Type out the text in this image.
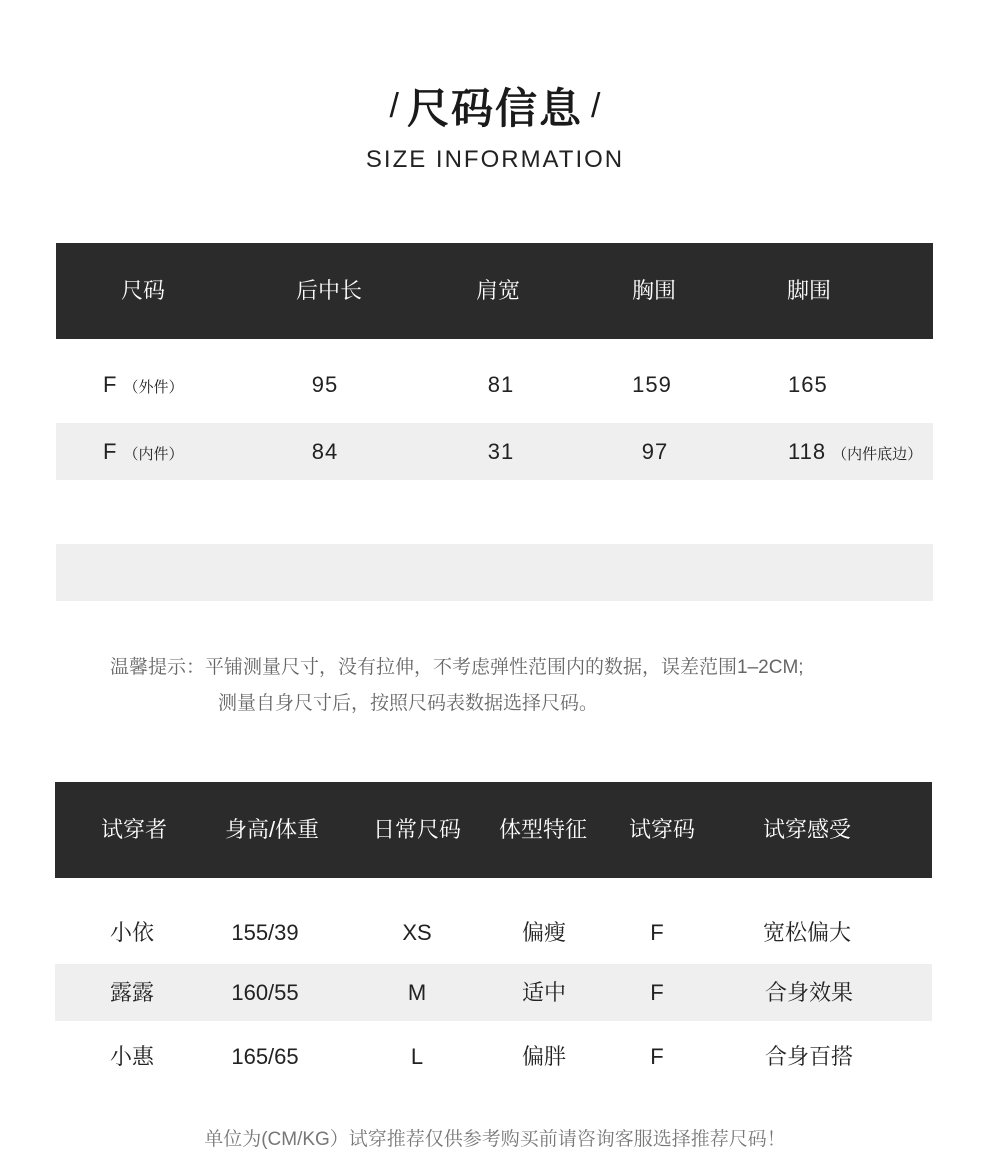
/ 尺码信息 /
SIZE INFORMATION
尺码	后中长	肩宽	胸围	脚围
F （外件）	95	81	159	165
F （内件）	84	31	97	118 （内件底边）
温馨提示：平铺测量尺寸，没有拉伸，不考虑弹性范围内的数据，误差范围1–2CM;
测量自身尺寸后，按照尺码表数据选择尺码。
试穿者	身高/体重 日常尺码 体型特征 试穿码	试穿感受
小依	155/39	XS	偏瘦	F	宽松偏大
露露	160/55	M	适中	F	合身效果
小惠	165/65	L	偏胖	F	合身百搭
单位为(CM/KG）试穿推荐仅供参考购买前请咨询客服选择推荐尺码！
